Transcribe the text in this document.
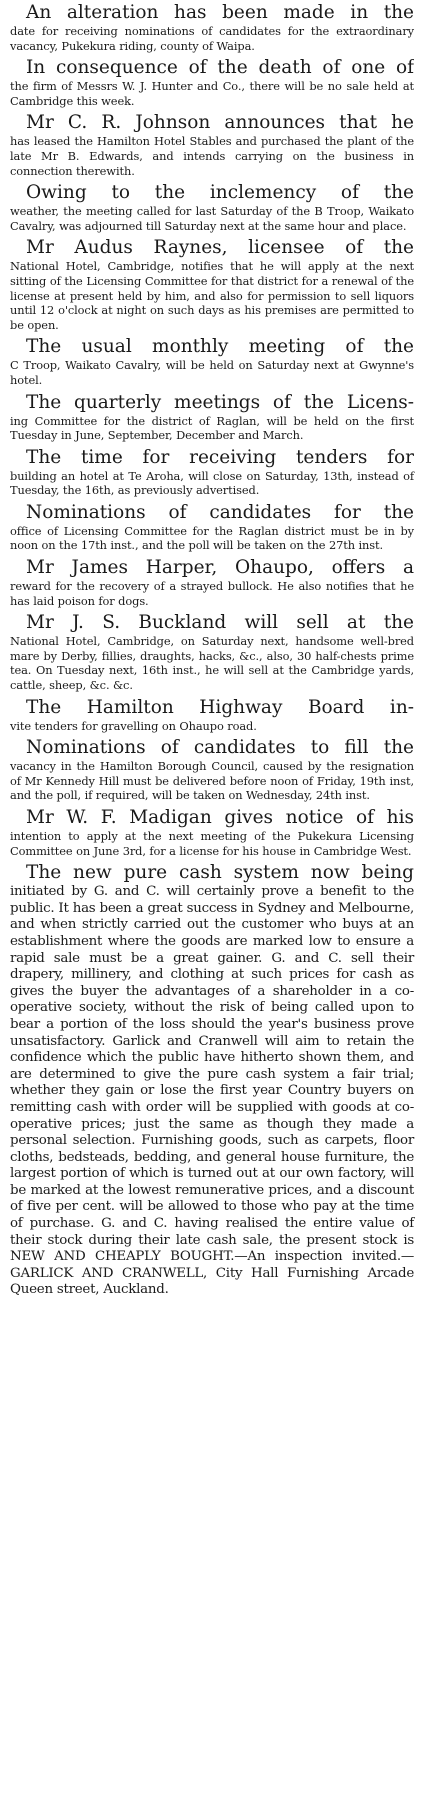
An alteration has been made in the
date for receiving nominations of candidates for the extraordinary vacancy, Pukekura riding, county of Waipa.
In consequence of the death of one of
the firm of Messrs W. J. Hunter and Co., there will be no sale held at Cambridge this week.
Mr C. R. Johnson announces that he
has leased the Hamilton Hotel Stables and purchased the plant of the late Mr B. Edwards, and intends carrying on the business in connection therewith.
Owing to the inclemency of the
weather, the meeting called for last Saturday of the B Troop, Waikato Cavalry, was adjourned till Saturday next at the same hour and place.
Mr Audus Raynes, licensee of the
National Hotel, Cambridge, notifies that he will apply at the next sitting of the Licensing Committee for that district for a renewal of the license at present held by him, and also for permission to sell liquors until 12 o'clock at night on such days as his premises are permitted to be open.
The usual monthly meeting of the
C Troop, Waikato Cavalry, will be held on Saturday next at Gwynne's hotel.
The quarterly meetings of the Licens-
ing Committee for the district of Raglan, will be held on the first Tuesday in June, September, December and March.
The time for receiving tenders for
building an hotel at Te Aroha, will close on Saturday, 13th, instead of Tuesday, the 16th, as previously advertised.
Nominations of candidates for the
office of Licensing Committee for the Raglan district must be in by noon on the 17th inst., and the poll will be taken on the 27th inst.
Mr James Harper, Ohaupo, offers a
reward for the recovery of a strayed bullock. He also notifies that he has laid poison for dogs.
Mr J. S. Buckland will sell at the
National Hotel, Cambridge, on Saturday next, handsome well-bred mare by Derby, fillies, draughts, hacks, &c., also, 30 half-chests prime tea. On Tuesday next, 16th inst., he will sell at the Cambridge yards, cattle, sheep, &c. &c.
The Hamilton Highway Board in-
vite tenders for gravelling on Ohaupo road.
Nominations of candidates to fill the
vacancy in the Hamilton Borough Council, caused by the resignation of Mr Kennedy Hill must be delivered before noon of Friday, 19th inst, and the poll, if required, will be taken on Wednesday, 24th inst.
Mr W. F. Madigan gives notice of his
intention to apply at the next meeting of the Pukekura Licensing Committee on June 3rd, for a license for his house in Cambridge West.
The new pure cash system now being
initiated by G. and C. will certainly prove a benefit to the public. It has been a great success in Sydney and Melbourne, and when strictly carried out the customer who buys at an establishment where the goods are marked low to ensure a rapid sale must be a great gainer. G. and C. sell their drapery, millinery, and clothing at such prices for cash as gives the buyer the advantages of a shareholder in a co-operative society, without the risk of being called upon to bear a portion of the loss should the year's business prove unsatisfactory. Garlick and Cranwell will aim to retain the confidence which the public have hitherto shown them, and are determined to give the pure cash system a fair trial; whether they gain or lose the first year Country buyers on remitting cash with order will be supplied with goods at co-operative prices; just the same as though they made a personal selection. Furnishing goods, such as carpets, floor cloths, bedsteads, bedding, and general house furniture, the largest portion of which is turned out at our own factory, will be marked at the lowest remunerative prices, and a discount of five per cent. will be allowed to those who pay at the time of purchase. G. and C. having realised the entire value of their stock during their late cash sale, the present stock is NEW AND CHEAPLY BOUGHT.—An inspection invited.—GARLICK AND CRANWELL, City Hall Furnishing Arcade Queen street, Auckland.
